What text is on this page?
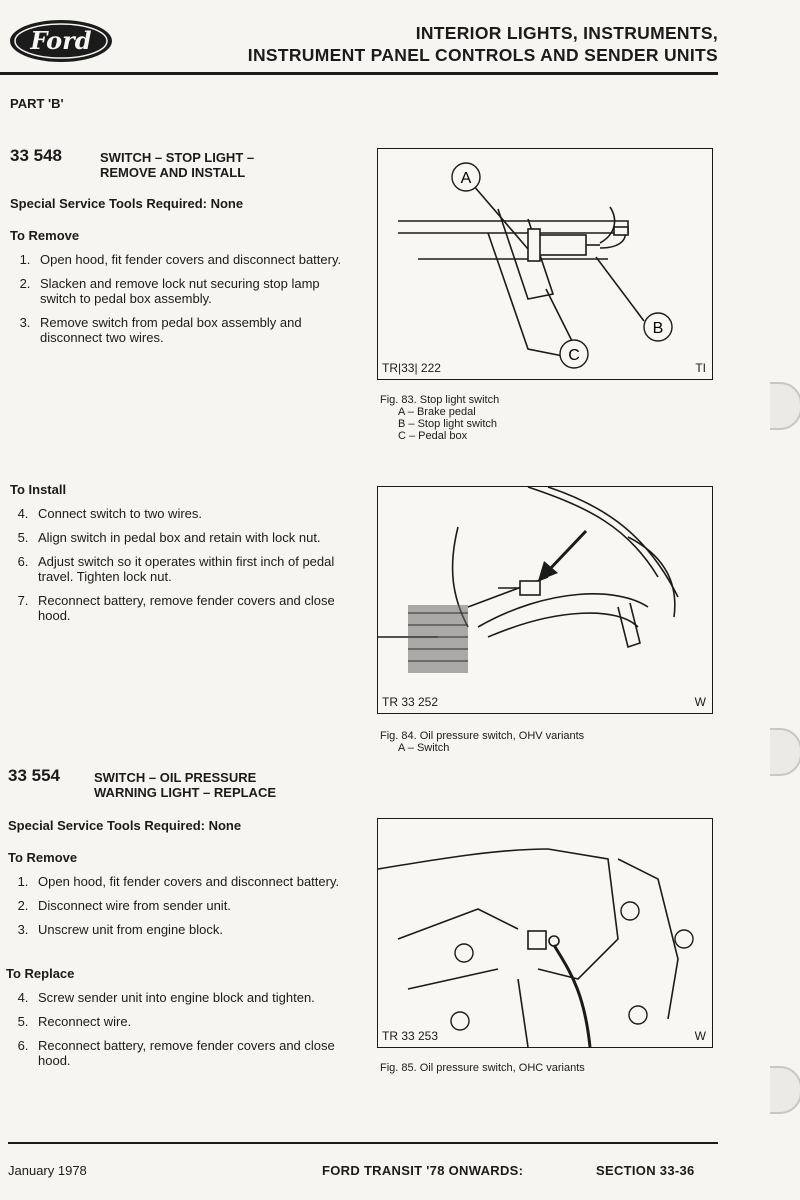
Ford	INTERIOR LIGHTS, INSTRUMENTS,
INSTRUMENT PANEL CONTROLS AND SENDER UNITS
PART 'B'
33 548	SWITCH – STOP LIGHT –
REMOVE AND INSTALL
Special Service Tools Required: None
To Remove
1. Open hood, fit fender covers and disconnect battery.
2. Slacken and remove lock nut securing stop lamp switch to pedal box assembly.
3. Remove switch from pedal box assembly and disconnect two wires.
To Install
4. Connect switch to two wires.
5. Align switch in pedal box and retain with lock nut.
6. Adjust switch so it operates within first inch of pedal travel. Tighten lock nut.
7. Reconnect battery, remove fender covers and close hood.
33 554	SWITCH – OIL PRESSURE
WARNING LIGHT – REPLACE
Special Service Tools Required: None
To Remove
1. Open hood, fit fender covers and disconnect battery.
2. Disconnect wire from sender unit.
3. Unscrew unit from engine block.
To Replace
4. Screw sender unit into engine block and tighten.
5. Reconnect wire.
6. Reconnect battery, remove fender covers and close hood.
A
B
C
TR|33| 222	TI
Fig. 83. Stop light switch
A – Brake pedal
B – Stop light switch
C – Pedal box
TR 33 252	W
Fig. 84. Oil pressure switch, OHV variants
A – Switch
TR 33 253	W
Fig. 85. Oil pressure switch, OHC variants
January 1978	FORD TRANSIT '78 ONWARDS:	SECTION 33-36
